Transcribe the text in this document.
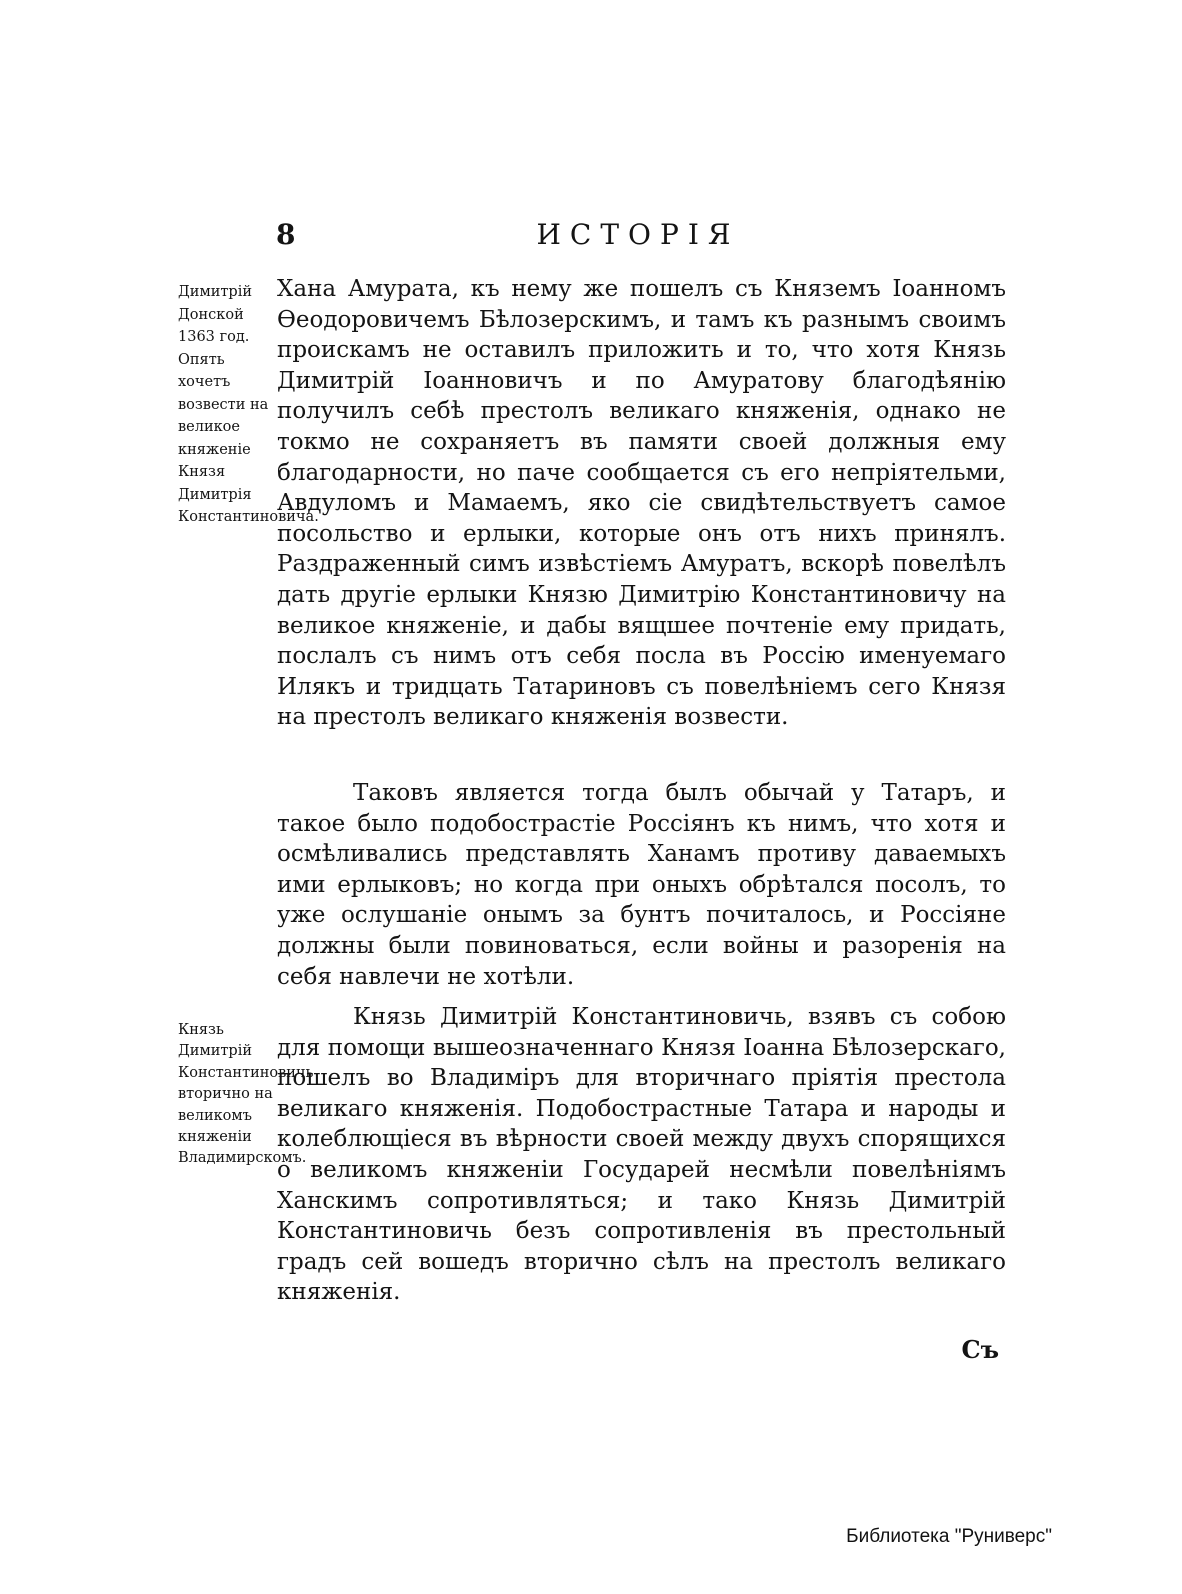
8	ИСТОРІЯ
Димитрій Донской 1363 год. Опять хочетъ возвести на великое княженіе Князя Димитрія Константиновича.
Князь Димитрій Константиновичь вторично на великомъ княженіи Владимирскомъ.

Хана Амурата, къ нему же пошелъ съ Княземъ Іоанномъ Ѳеодоровичемъ Бѣлозерскимъ, и тамъ къ разнымъ своимъ проискамъ не оставилъ приложить и то, что хотя Князь Димитрій Іоанновичъ и по Амуратову благодѣянію получилъ себѣ престолъ великаго княженія, однако не токмо не сохраняетъ въ памяти своей должныя ему благодарности, но паче сообщается съ его непріятельми, Авдуломъ и Мамаемъ, яко сіе свидѣтельствуетъ самое посольство и ерлыки, которые онъ отъ нихъ принялъ. Раздраженный симъ извѣстіемъ Амуратъ, вскорѣ повелѣлъ дать другіе ерлыки Князю Димитрію Константиновичу на великое княженіе, и дабы вящшее почтеніе ему придать, послалъ съ нимъ отъ себя посла въ Россію именуемаго Илякъ и тридцать Татариновъ съ повелѣніемъ сего Князя на престолъ великаго княженія возвести.

Таковъ является тогда былъ обычай у Татаръ, и такое было подобострастіе Россіянъ къ нимъ, что хотя и осмѣливались представлять Ханамъ противу даваемыхъ ими ерлыковъ; но когда при оныхъ обрѣтался посолъ, то уже ослушаніе онымъ за бунтъ почиталось, и Россіяне должны были повиноваться, если войны и разоренія на себя навлечи не хотѣли.

Князь Димитрій Константиновичь, взявъ съ собою для помощи вышеозначеннаго Князя Іоанна Бѣлозерскаго, пошелъ во Владиміръ для вторичнаго прiятія престола великаго княженія. Подобострастные Татара и народы и колеблющіеся въ вѣрности своей между двухъ спорящихся о великомъ княженіи Государей несмѣли повелѣніямъ Ханскимъ сопротивляться; и тако Князь Димитрій Константиновичь безъ сопротивленія въ престольный градъ сей вошедъ вторично сѣлъ на престолъ великаго княженія.

Съ
Библиотека "Руниверс"
